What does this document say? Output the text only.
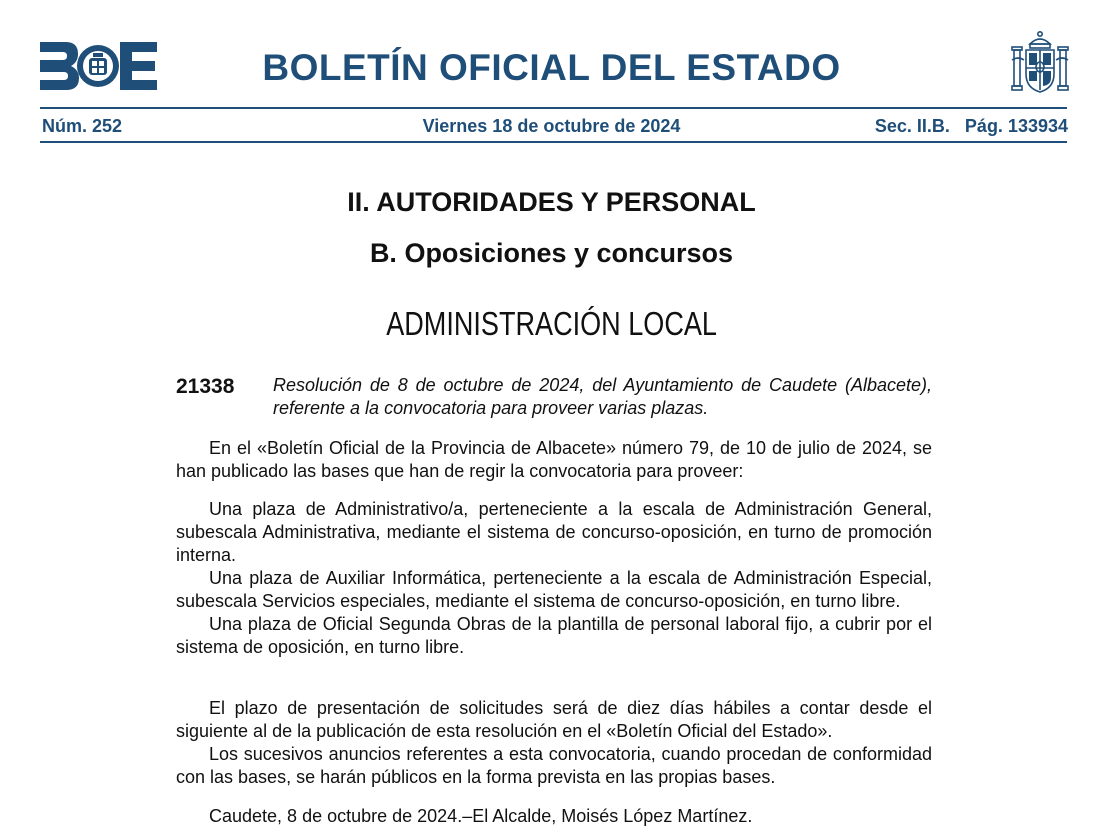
BOE
BOLETÍN OFICIAL DEL ESTADO
Núm. 252	Viernes 18 de octubre de 2024	Sec. II.B. Pág. 133934
II. AUTORIDADES Y PERSONAL
B. Oposiciones y concursos
ADMINISTRACIÓN LOCAL
21338 Resolución de 8 de octubre de 2024, del Ayuntamiento de Caudete (Albacete), referente a la convocatoria para proveer varias plazas.

En el «Boletín Oficial de la Provincia de Albacete» número 79, de 10 de julio de 2024, se han publicado las bases que han de regir la convocatoria para proveer:

Una plaza de Administrativo/a, perteneciente a la escala de Administración General, subescala Administrativa, mediante el sistema de concurso-oposición, en turno de promoción interna.

Una plaza de Auxiliar Informática, perteneciente a la escala de Administración Especial, subescala Servicios especiales, mediante el sistema de concurso-oposición, en turno libre.

Una plaza de Oficial Segunda Obras de la plantilla de personal laboral fijo, a cubrir por el sistema de oposición, en turno libre.

El plazo de presentación de solicitudes será de diez días hábiles a contar desde el siguiente al de la publicación de esta resolución en el «Boletín Oficial del Estado».

Los sucesivos anuncios referentes a esta convocatoria, cuando procedan de conformidad con las bases, se harán públicos en la forma prevista en las propias bases.

Caudete, 8 de octubre de 2024.–El Alcalde, Moisés López Martínez.
